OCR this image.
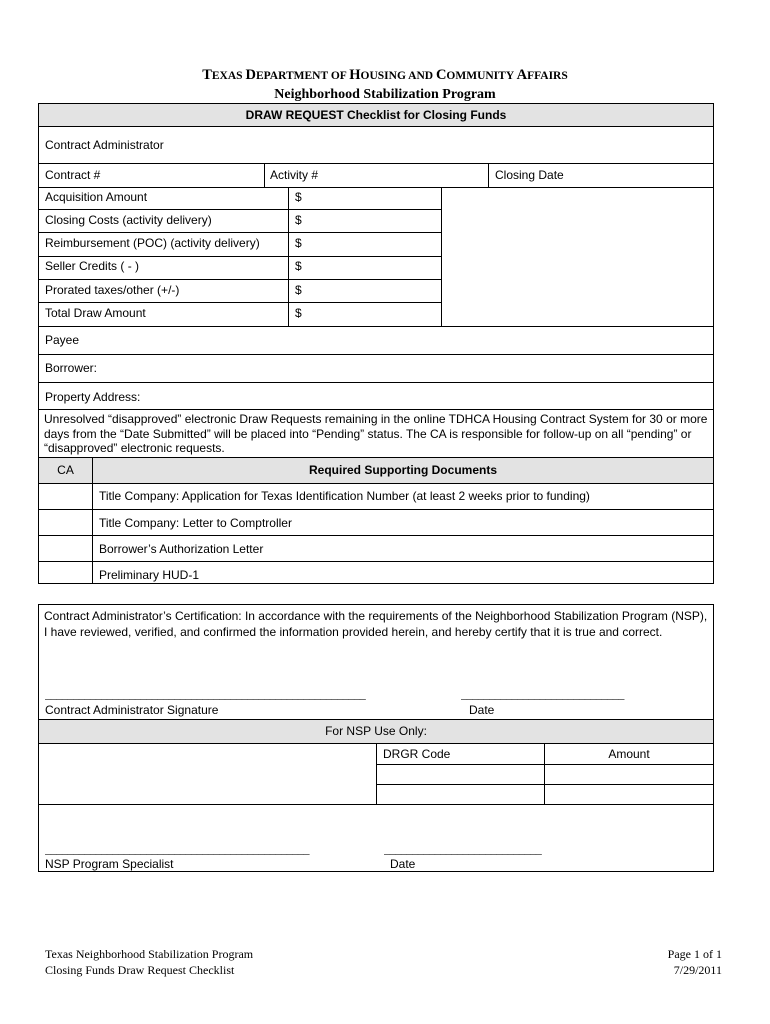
TEXAS DEPARTMENT OF HOUSING AND COMMUNITY AFFAIRS
Neighborhood Stabilization Program
DRAW REQUEST Checklist for Closing Funds
Contract Administrator
Contract #	Activity #	Closing Date
Acquisition Amount	$
Closing Costs (activity delivery)	$
Reimbursement (POC) (activity delivery)	$
Seller Credits ( - )	$
Prorated taxes/other (+/-)	$
Total Draw Amount	$
Payee
Borrower:
Property Address:
Unresolved “disapproved” electronic Draw Requests remaining in the online TDHCA Housing Contract System for 30 or more days from the “Date Submitted” will be placed into “Pending” status. The CA is responsible for follow-up on all “pending” or “disapproved” electronic requests.
CA	Required Supporting Documents
Title Company: Application for Texas Identification Number (at least 2 weeks prior to funding)
Title Company: Letter to Comptroller
Borrower’s Authorization Letter
Preliminary HUD-1
Contract Administrator’s Certification: In accordance with the requirements of the Neighborhood Stabilization Program (NSP), I have reviewed, verified, and confirmed the information provided herein, and hereby certify that it is true and correct.
_________________________________________________________	_____________________________
Contract Administrator Signature	Date
For NSP Use Only:
DRGR Code	Amount
_______________________________________________	____________________________
NSP Program Specialist	Date
Texas Neighborhood Stabilization Program
Closing Funds Draw Request Checklist
Page 1 of 1
7/29/2011
